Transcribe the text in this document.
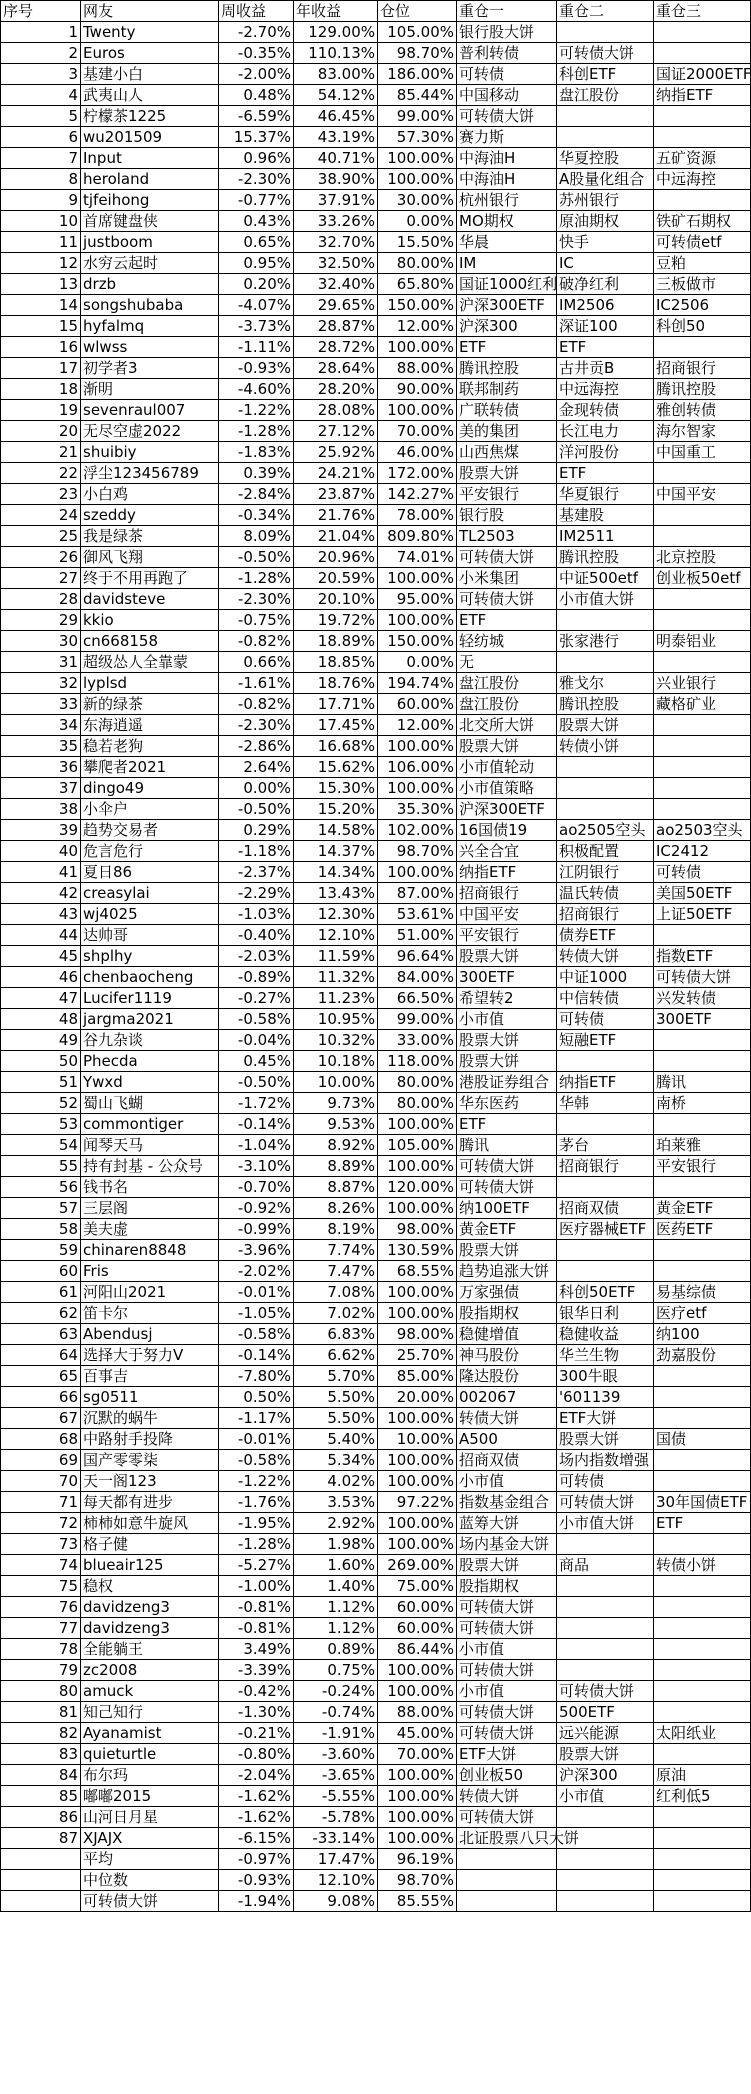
序号	网友	周收益	年收益	仓位	重仓一	重仓二	重仓三
1	Twenty	-2.70%	129.00%	105.00%	银行股大饼		
2	Euros	-0.35%	110.13%	98.70%	普利转债	可转债大饼	
3	基建小白	-2.00%	83.00%	186.00%	可转债	科创ETF	国证2000ETF
4	武夷山人	0.48%	54.12%	85.44%	中国移动	盘江股份	纳指ETF
5	柠檬茶1225	-6.59%	46.45%	99.00%	可转债大饼		
6	wu201509	15.37%	43.19%	57.30%	赛力斯		
7	Input	0.96%	40.71%	100.00%	中海油H	华夏控股	五矿资源
8	heroland	-2.30%	38.90%	100.00%	中海油H	A股量化组合	中远海控
9	tjfeihong	-0.77%	37.91%	30.00%	杭州银行	苏州银行	
10	首席键盘侠	0.43%	33.26%	0.00%	MO期权	原油期权	铁矿石期权
11	justboom	0.65%	32.70%	15.50%	华晨	快手	可转债etf
12	水穷云起时	0.95%	32.50%	80.00%	IM	IC	豆粕
13	drzb	0.20%	32.40%	65.80%	国证1000红利	破净红利	三板做市
14	songshubaba	-4.07%	29.65%	150.00%	沪深300ETF	IM2506	IC2506
15	hyfalmq	-3.73%	28.87%	12.00%	沪深300	深证100	科创50
16	wlwss	-1.11%	28.72%	100.00%	ETF	ETF	
17	初学者3	-0.93%	28.64%	88.00%	腾讯控股	古井贡B	招商银行
18	渐明	-4.60%	28.20%	90.00%	联邦制药	中远海控	腾讯控股
19	sevenraul007	-1.22%	28.08%	100.00%	广联转债	金现转债	雅创转债
20	无尽空虚2022	-1.28%	27.12%	70.00%	美的集团	长江电力	海尔智家
21	shuibiy	-1.83%	25.92%	46.00%	山西焦煤	洋河股份	中国重工
22	浮尘123456789	0.39%	24.21%	172.00%	股票大饼	ETF	
23	小白鸡	-2.84%	23.87%	142.27%	平安银行	华夏银行	中国平安
24	szeddy	-0.34%	21.76%	78.00%	银行股	基建股	
25	我是绿茶	8.09%	21.04%	809.80%	TL2503	IM2511	
26	御风飞翔	-0.50%	20.96%	74.01%	可转债大饼	腾讯控股	北京控股
27	终于不用再跑了	-1.28%	20.59%	100.00%	小米集团	中证500etf	创业板50etf
28	davidsteve	-2.30%	20.10%	95.00%	可转债大饼	小市值大饼	
29	kkio	-0.75%	19.72%	100.00%	ETF		
30	cn668158	-0.82%	18.89%	150.00%	轻纺城	张家港行	明泰铝业
31	超级怂人全靠蒙	0.66%	18.85%	0.00%	无		
32	lyplsd	-1.61%	18.76%	194.74%	盘江股份	雅戈尔	兴业银行
33	新的绿茶	-0.82%	17.71%	60.00%	盘江股份	腾讯控股	藏格矿业
34	东海逍遥	-2.30%	17.45%	12.00%	北交所大饼	股票大饼	
35	稳若老狗	-2.86%	16.68%	100.00%	股票大饼	转债小饼	
36	攀爬者2021	2.64%	15.62%	106.00%	小市值轮动		
37	dingo49	0.00%	15.30%	100.00%	小市值策略		
38	小伞户	-0.50%	15.20%	35.30%	沪深300ETF		
39	趋势交易者	0.29%	14.58%	102.00%	16国债19	ao2505空头	ao2503空头
40	危言危行	-1.18%	14.37%	98.70%	兴全合宜	积极配置	IC2412
41	夏日86	-2.37%	14.34%	100.00%	纳指ETF	江阴银行	可转债
42	creasylai	-2.29%	13.43%	87.00%	招商银行	温氏转债	美国50ETF
43	wj4025	-1.03%	12.30%	53.61%	中国平安	招商银行	上证50ETF
44	达帅哥	-0.40%	12.10%	51.00%	平安银行	债券ETF	
45	shplhy	-2.03%	11.59%	96.64%	股票大饼	转债大饼	指数ETF
46	chenbaocheng	-0.89%	11.32%	84.00%	300ETF	中证1000	可转债大饼
47	Lucifer1119	-0.27%	11.23%	66.50%	希望转2	中信转债	兴发转债
48	jargma2021	-0.58%	10.95%	99.00%	小市值	可转债	300ETF
49	谷九杂谈	-0.04%	10.32%	33.00%	股票大饼	短融ETF	
50	Phecda	0.45%	10.18%	118.00%	股票大饼		
51	Ywxd	-0.50%	10.00%	80.00%	港股证券组合	纳指ETF	腾讯
52	蜀山飞蝴	-1.72%	9.73%	80.00%	华东医药	华韩	南桥
53	commontiger	-0.14%	9.53%	100.00%	ETF		
54	闻琴天马	-1.04%	8.92%	105.00%	腾讯	茅台	珀莱雅
55	持有封基 - 公众号	-3.10%	8.89%	100.00%	可转债大饼	招商银行	平安银行
56	钱书名	-0.70%	8.87%	120.00%	可转债大饼		
57	三层阁	-0.92%	8.26%	100.00%	纳100ETF	招商双债	黄金ETF
58	美夫虚	-0.99%	8.19%	98.00%	黄金ETF	医疗器械ETF	医药ETF
59	chinaren8848	-3.96%	7.74%	130.59%	股票大饼		
60	Fris	-2.02%	7.47%	68.55%	趋势追涨大饼		
61	河阳山2021	-0.01%	7.08%	100.00%	万家强债	科创50ETF	易基综债
62	笛卡尔	-1.05%	7.02%	100.00%	股指期权	银华日利	医疗etf
63	Abendusj	-0.58%	6.83%	98.00%	稳健增值	稳健收益	纳100
64	选择大于努力V	-0.14%	6.62%	25.70%	神马股份	华兰生物	劲嘉股份
65	百事吉	-7.80%	5.70%	85.00%	隆达股份	300牛眼	
66	sg0511	0.50%	5.50%	20.00%	002067	'601139	
67	沉默的蜗牛	-1.17%	5.50%	100.00%	转债大饼	ETF大饼	
68	中路射手投降	-0.01%	5.40%	10.00%	A500	股票大饼	国债
69	国产零零柒	-0.58%	5.34%	100.00%	招商双债	场内指数增强	
70	天一阁123	-1.22%	4.02%	100.00%	小市值	可转债	
71	每天都有进步	-1.76%	3.53%	97.22%	指数基金组合	可转债大饼	30年国债ETF
72	柿柿如意牛旋风	-1.95%	2.92%	100.00%	蓝筹大饼	小市值大饼	ETF
73	格子健	-1.28%	1.98%	100.00%	场内基金大饼		
74	blueair125	-5.27%	1.60%	269.00%	股票大饼	商品	转债小饼
75	稳权	-1.00%	1.40%	75.00%	股指期权		
76	davidzeng3	-0.81%	1.12%	60.00%	可转债大饼		
77	davidzeng3	-0.81%	1.12%	60.00%	可转债大饼		
78	全能躺王	3.49%	0.89%	86.44%	小市值		
79	zc2008	-3.39%	0.75%	100.00%	可转债大饼		
80	amuck	-0.42%	-0.24%	100.00%	小市值	可转债大饼	
81	知己知行	-1.30%	-0.74%	88.00%	可转债大饼	500ETF	
82	Ayanamist	-0.21%	-1.91%	45.00%	可转债大饼	远兴能源	太阳纸业
83	quieturtle	-0.80%	-3.60%	70.00%	ETF大饼	股票大饼	
84	布尔玛	-2.04%	-3.65%	100.00%	创业板50	沪深300	原油
85	嘟嘟2015	-1.62%	-5.55%	100.00%	转债大饼	小市值	红利低5
86	山河日月星	-1.62%	-5.78%	100.00%	可转债大饼		
87	XJAJX	-6.15%	-33.14%	100.00%	北证股票八只大饼		
	平均	-0.97%	17.47%	96.19%			
	中位数	-0.93%	12.10%	98.70%			
	可转债大饼	-1.94%	9.08%	85.55%			
